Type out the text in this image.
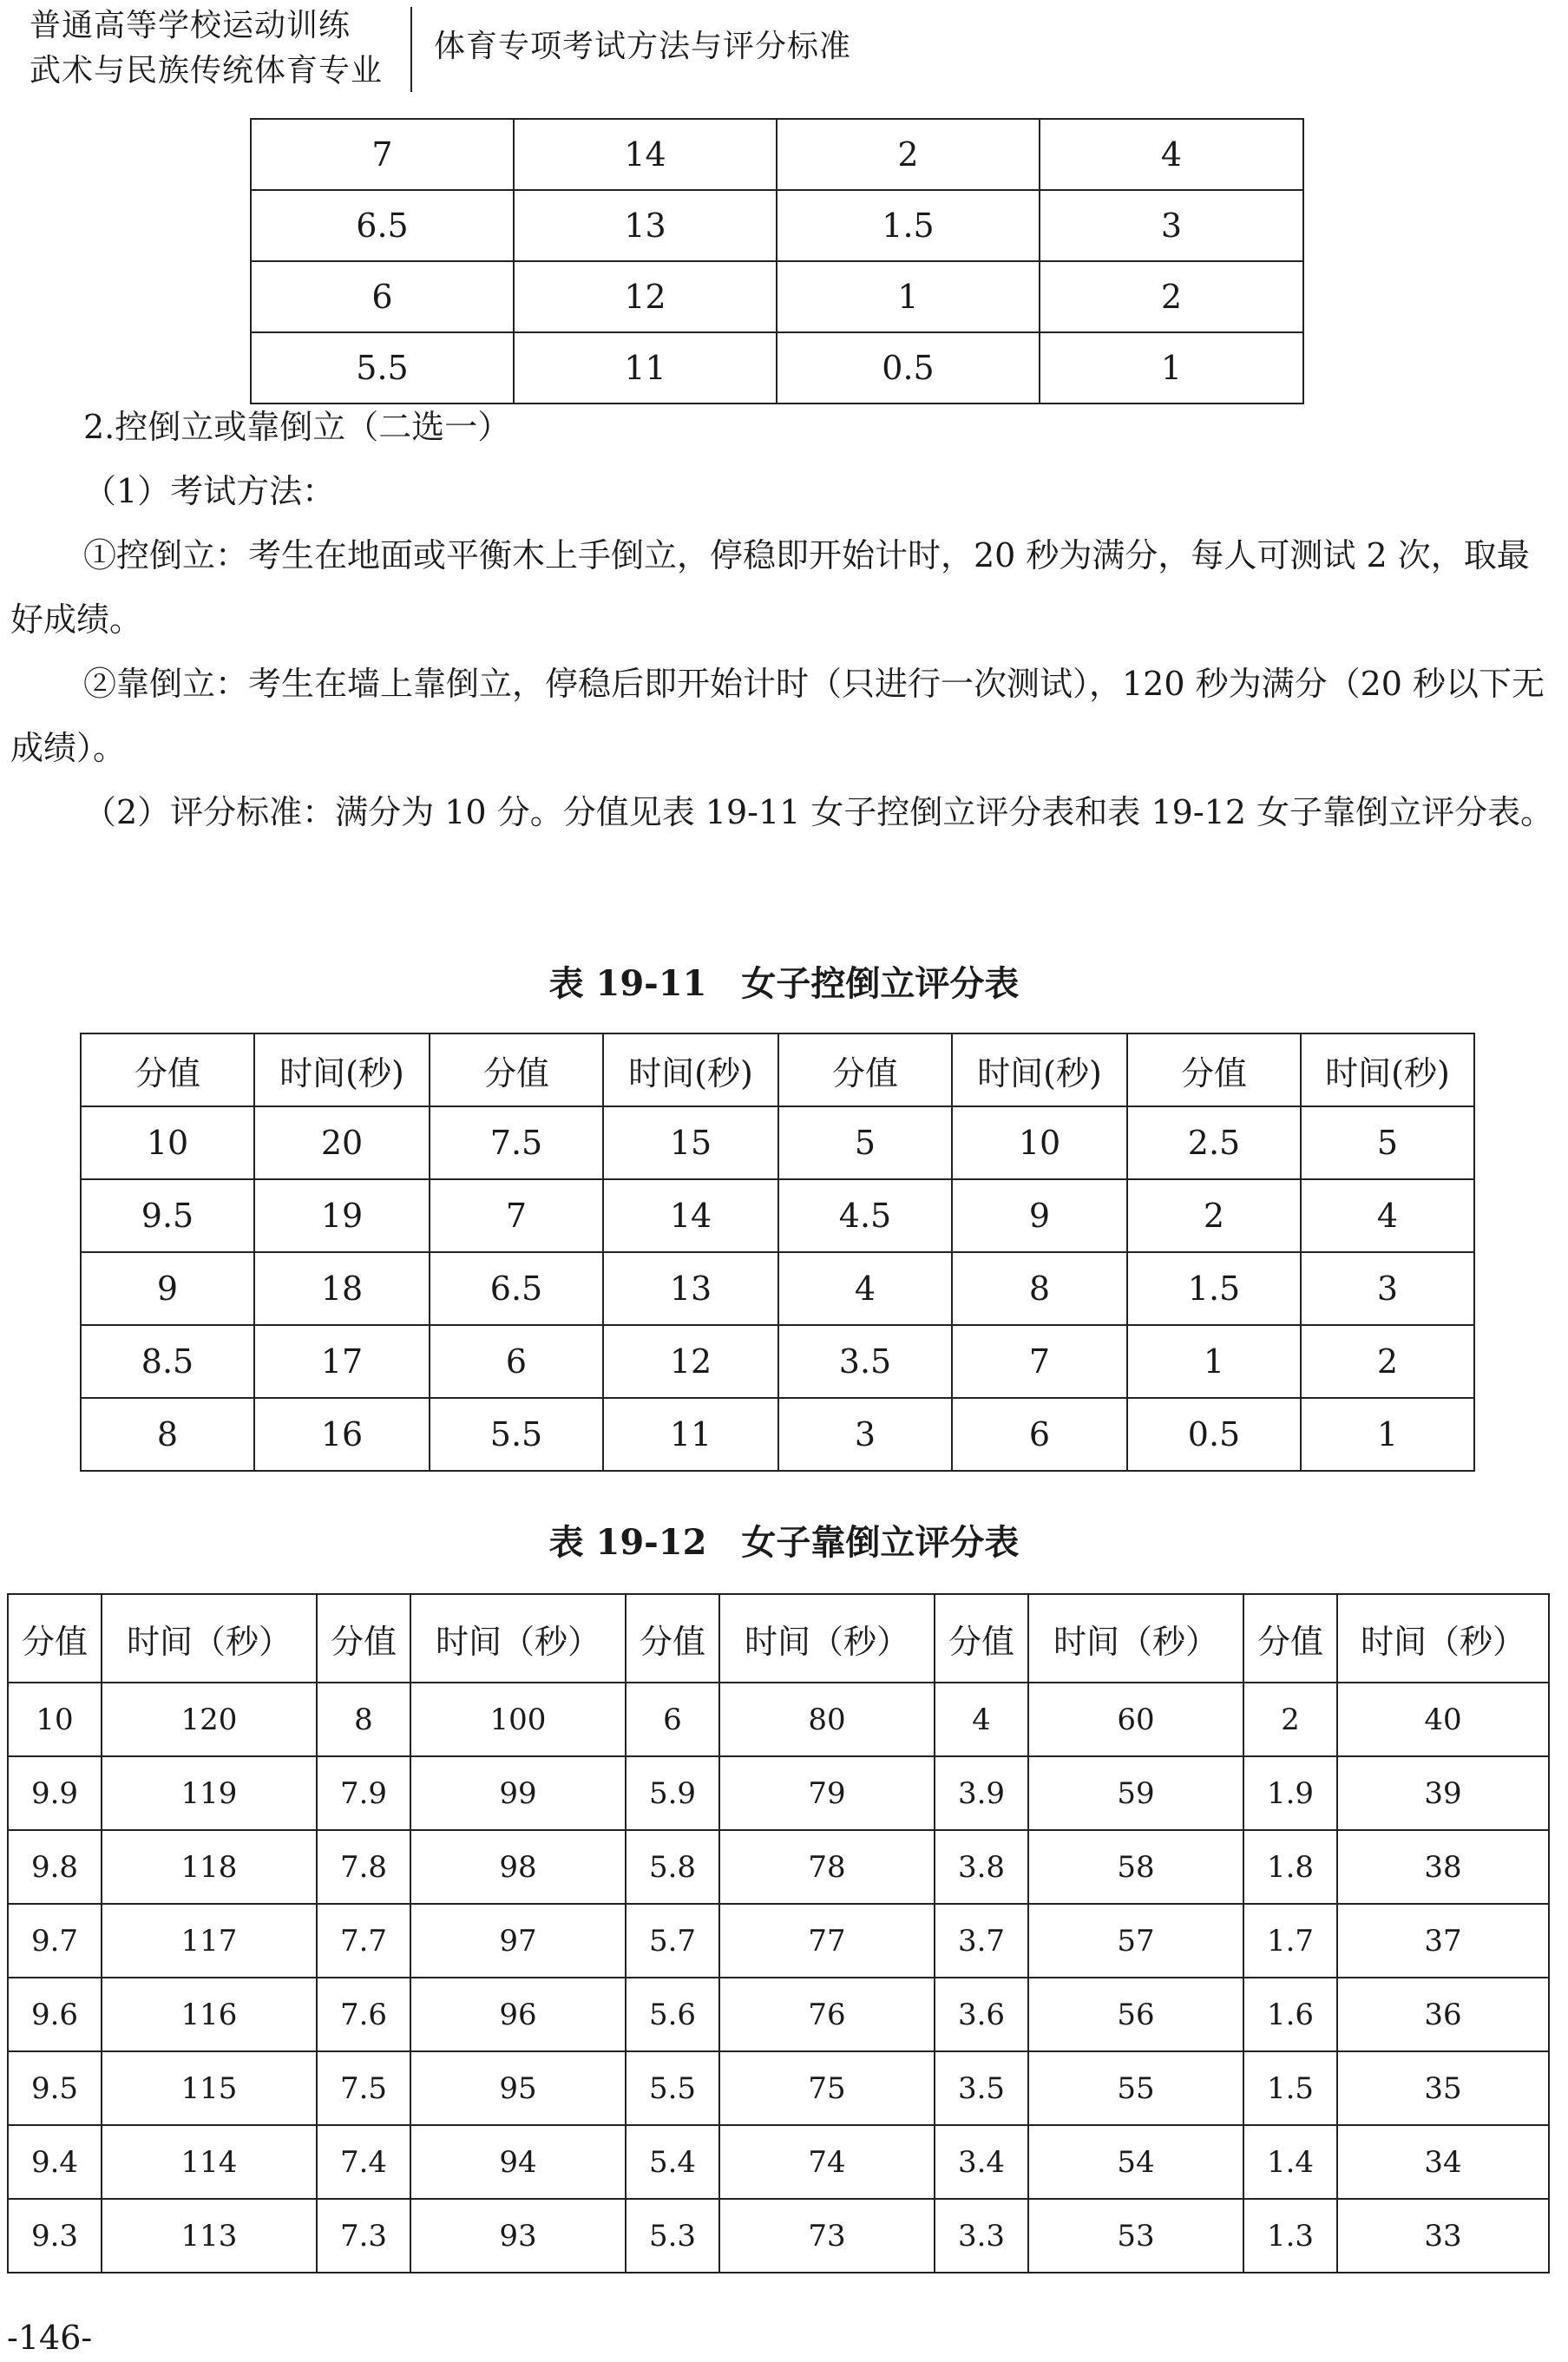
普通高等学校运动训练
武术与民族传统体育专业
体育专项考试方法与评分标准
7	14	2	4
6.5	13	1.5	3
6	12	1	2
5.5	11	0.5	1
2.控倒立或靠倒立（二选一）
（1）考试方法：
①控倒立：考生在地面或平衡木上手倒立，停稳即开始计时，20 秒为满分，每人可测试 2 次，取最好成绩。
②靠倒立：考生在墙上靠倒立，停稳后即开始计时（只进行一次测试），120 秒为满分（20 秒以下无成绩）。
（2）评分标准：满分为 10 分。分值见表 19-11 女子控倒立评分表和表 19-12 女子靠倒立评分表。
表 19-11　女子控倒立评分表
分值	时间(秒)	分值	时间(秒)	分值	时间(秒)	分值	时间(秒)
10	20	7.5	15	5	10	2.5	5
9.5	19	7	14	4.5	9	2	4
9	18	6.5	13	4	8	1.5	3
8.5	17	6	12	3.5	7	1	2
8	16	5.5	11	3	6	0.5	1
表 19-12　女子靠倒立评分表
分值	时间（秒）	分值	时间（秒）	分值	时间（秒）	分值	时间（秒）	分值	时间（秒）
10	120	8	100	6	80	4	60	2	40
9.9	119	7.9	99	5.9	79	3.9	59	1.9	39
9.8	118	7.8	98	5.8	78	3.8	58	1.8	38
9.7	117	7.7	97	5.7	77	3.7	57	1.7	37
9.6	116	7.6	96	5.6	76	3.6	56	1.6	36
9.5	115	7.5	95	5.5	75	3.5	55	1.5	35
9.4	114	7.4	94	5.4	74	3.4	54	1.4	34
9.3	113	7.3	93	5.3	73	3.3	53	1.3	33
-146-
